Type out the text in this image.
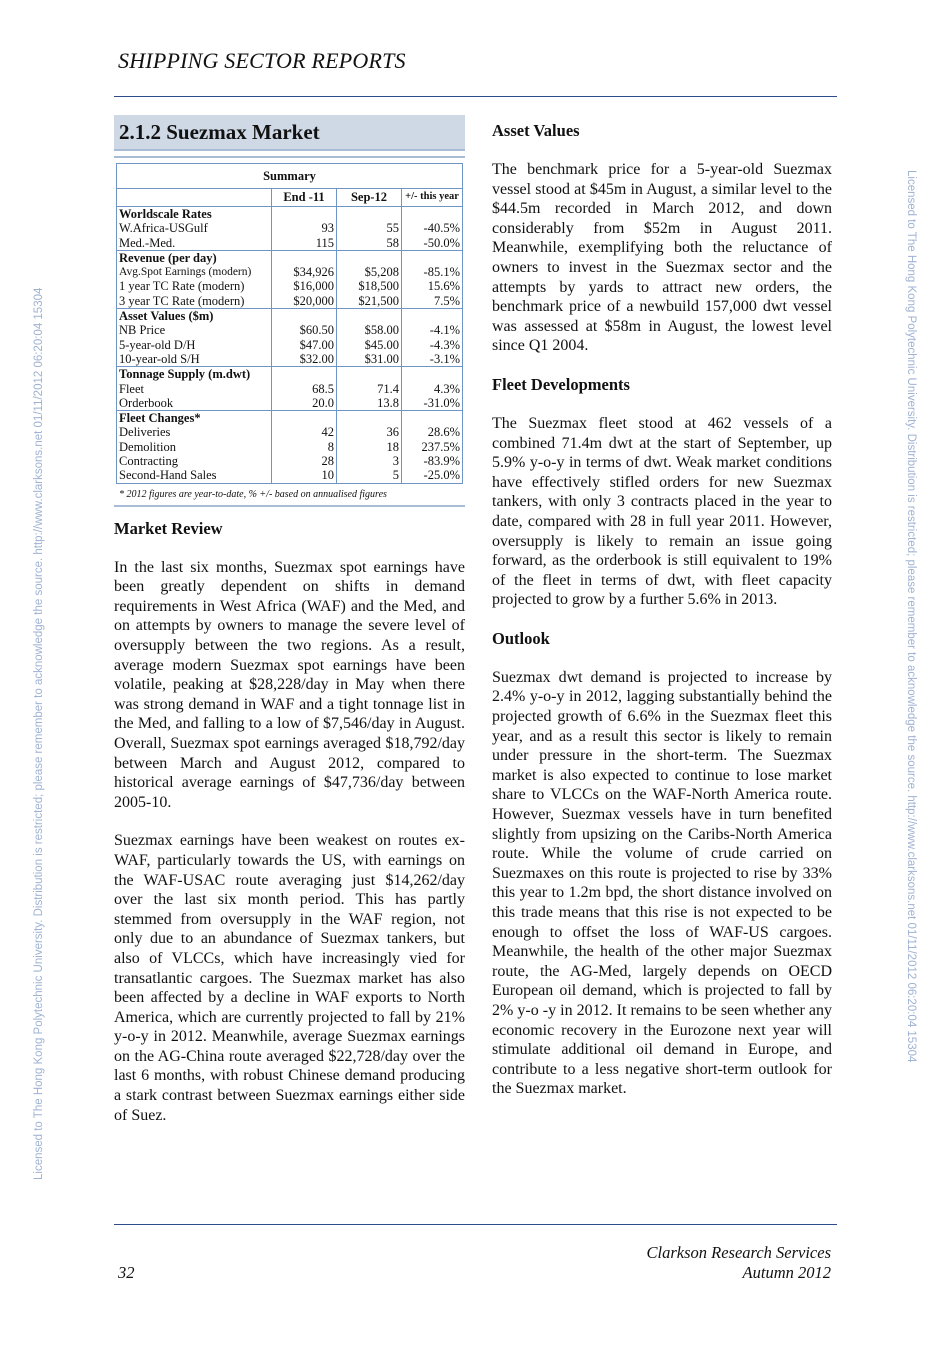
SHIPPING SECTOR REPORTS
Licensed to The Hong Kong Polytechnic University. Distribution is restricted; please remember to acknowledge the source. http://www.clarksons.net 01/11/2012 06:20:04 15304	Licensed to The Hong Kong Polytechnic University. Distribution is restricted; please remember to acknowledge the source. http://www.clarksons.net 01/11/2012 06:20:04 15304
2.1.2 Suezmax Market
Summary			
	End -11	Sep-12	+/- this year
Worldscale Rates			
W.Africa-USGulf	93	55	-40.5%
Med.-Med.	115	58	-50.0%
Revenue (per day)			
Avg.Spot Earnings (modern)	$34,926	$5,208	-85.1%
1 year TC Rate (modern)	$16,000	$18,500	15.6%
3 year TC Rate (modern)	$20,000	$21,500	7.5%
Asset Values ($m)			
NB Price	$60.50	$58.00	-4.1%
5-year-old D/H	$47.00	$45.00	-4.3%
10-year-old S/H	$32.00	$31.00	-3.1%
Tonnage Supply (m.dwt)			
Fleet	68.5	71.4	4.3%
Orderbook	20.0	13.8	-31.0%
Fleet Changes*			
Deliveries	42	36	28.6%
Demolition	8	18	237.5%
Contracting	28	3	-83.9%
Second-Hand Sales	10	5	-25.0%
* 2012 figures are year-to-date, % +/- based on annualised figures
Market Review

In the last six months, Suezmax spot earnings have been greatly dependent on shifts in demand requirements in West Africa (WAF) and the Med, and on attempts by owners to manage the severe level of oversupply between the two regions. As a result, average modern Suezmax spot earnings have been volatile, peaking at $28,228/day in May when there was strong demand in WAF and a tight tonnage list in the Med, and falling to a low of $7,546/day in August. Overall, Suezmax spot earnings averaged $18,792/day between March and August 2012, compared to historical average earnings of $47,736/day between 2005-10.

Suezmax earnings have been weakest on routes ex-WAF, particularly towards the US, with earnings on the WAF-USAC route averaging just $14,262/day over the last six month period. This has partly stemmed from oversupply in the WAF region, not only due to an abundance of Suezmax tankers, but also of VLCCs, which have increasingly vied for transatlantic cargoes. The Suezmax market has also been affected by a decline in WAF exports to North America, which are currently projected to fall by 21% y-o-y in 2012. Meanwhile, average Suezmax earnings on the AG-China route averaged $22,728/day over the last 6 months, with robust Chinese demand producing a stark contrast between Suezmax earnings either side of Suez.

Asset Values

The benchmark price for a 5-year-old Suezmax vessel stood at $45m in August, a similar level to the $44.5m recorded in March 2012, and down considerably from $52m in August 2011. Meanwhile, exemplifying both the reluctance of owners to invest in the Suezmax sector and the attempts by yards to attract new orders, the benchmark price of a newbuild 157,000 dwt vessel was assessed at $58m in August, the lowest level since Q1 2004.

Fleet Developments

The Suezmax fleet stood at 462 vessels of a combined 71.4m dwt at the start of September, up 5.9% y-o-y in terms of dwt. Weak market conditions have effectively stifled orders for new Suezmax tankers, with only 3 contracts placed in the year to date, compared with 28 in full year 2011. However, oversupply is likely to remain an issue going forward, as the orderbook is still equivalent to 19% of the fleet in terms of dwt, with fleet capacity projected to grow by a further 5.6% in 2013.

Outlook

Suezmax dwt demand is projected to increase by 2.4% y-o-y in 2012, lagging substantially behind the projected growth of 6.6% in the Suezmax fleet this year, and as a result this sector is likely to remain under pressure in the short-term. The Suezmax market is also expected to continue to lose market share to VLCCs on the WAF-North America route. However, Suezmax vessels have in turn benefited slightly from upsizing on the Caribs-North America route. While the volume of crude carried on Suezmaxes on this route is projected to rise by 33% this year to 1.2m bpd, the short distance involved on this trade means that this rise is not expected to be enough to offset the loss of WAF-US cargoes. Meanwhile, the health of the other major Suezmax route, the AG-Med, largely depends on OECD European oil demand, which is projected to fall by 2% y-o -y in 2012. It remains to be seen whether any economic recovery in the Eurozone next year will stimulate additional oil demand in Europe, and contribute to a less negative short-term outlook for the Suezmax market.

Clarkson Research Services
Autumn 2012
32
